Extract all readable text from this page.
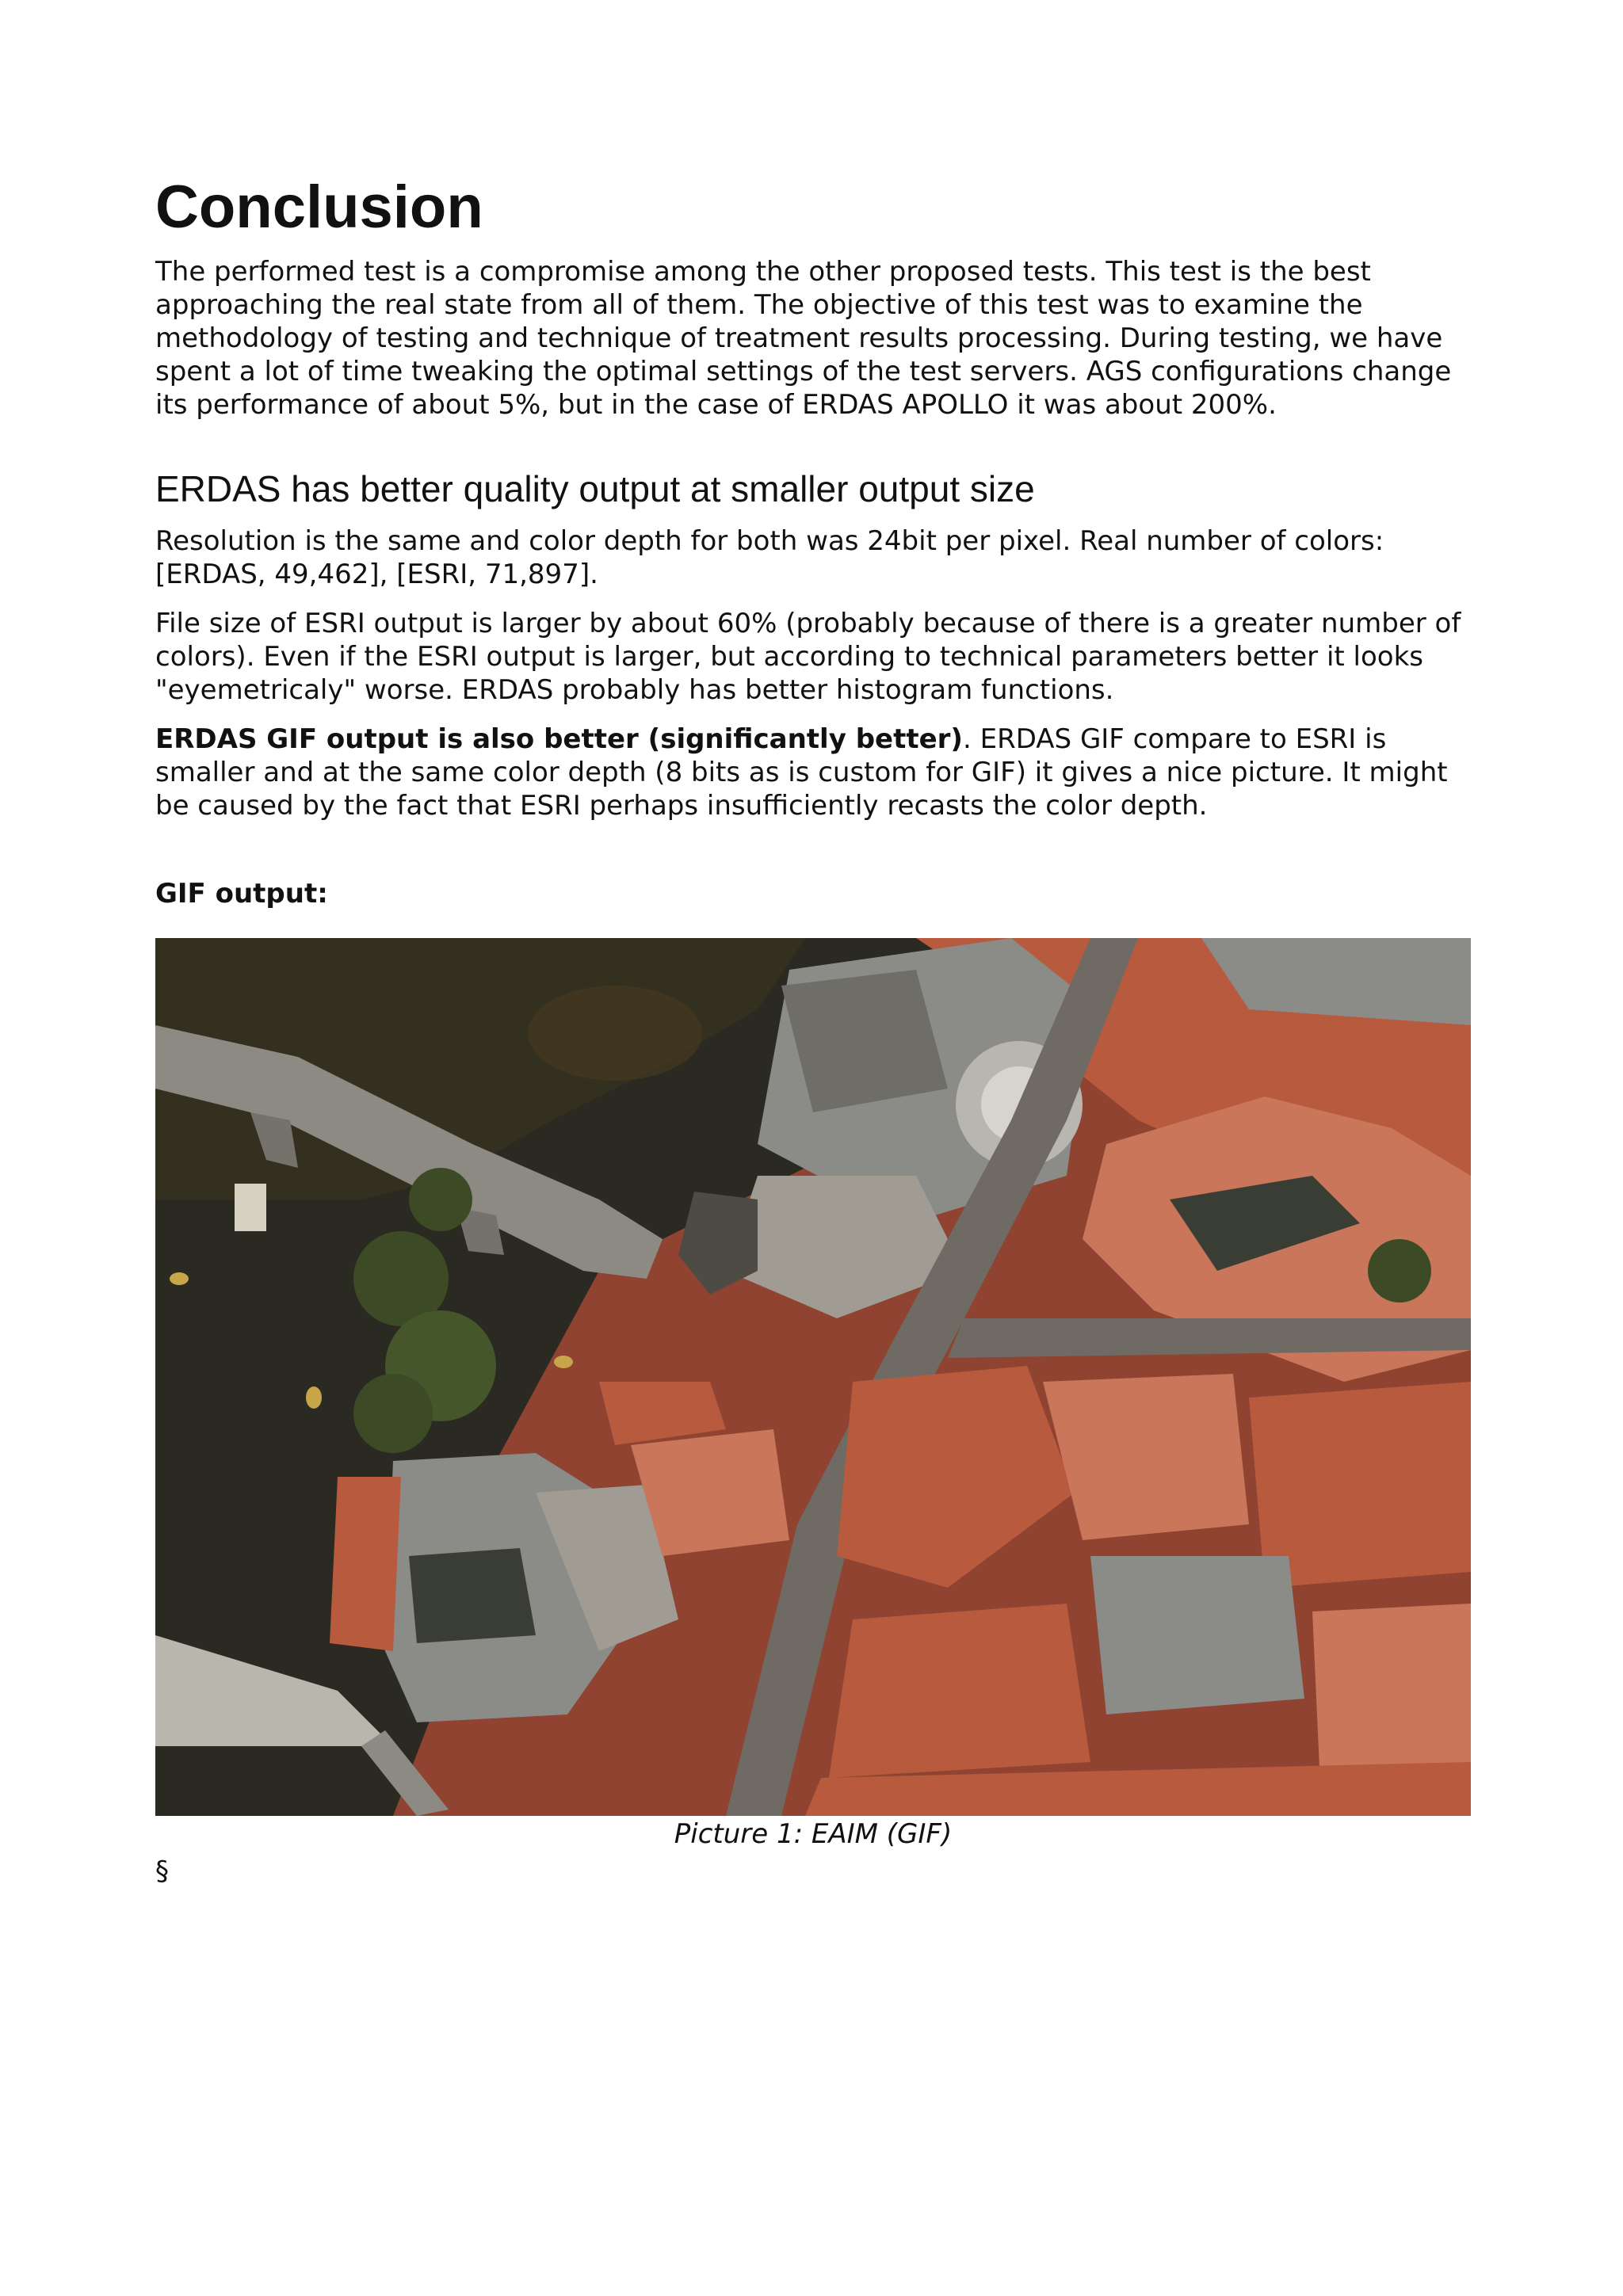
Conclusion

The performed test is a compromise among the other proposed tests. This test is the best approaching the real state from all of them. The objective of this test was to examine the methodology of testing and technique of treatment results processing. During testing, we have spent a lot of time tweaking the optimal settings of the test servers. AGS configurations change its performance of about 5%, but in the case of ERDAS APOLLO it was about 200%.

ERDAS has better quality output at smaller output size

Resolution is the same and color depth for both was 24bit per pixel. Real number of colors: [ERDAS, 49,462], [ESRI, 71,897].

File size of ESRI output is larger by about 60% (probably because of there is a greater number of colors). Even if the ESRI output is larger, but according to technical parameters better it looks "eyemetricaly" worse. ERDAS probably has better histogram functions.

ERDAS GIF output is also better (significantly better). ERDAS GIF compare to ESRI is smaller and at the same color depth (8 bits as is custom for GIF) it gives a nice picture. It might be caused by the fact that ESRI perhaps insufficiently recasts the color depth.

GIF output:
Picture 1: EAIM (GIF)
§
